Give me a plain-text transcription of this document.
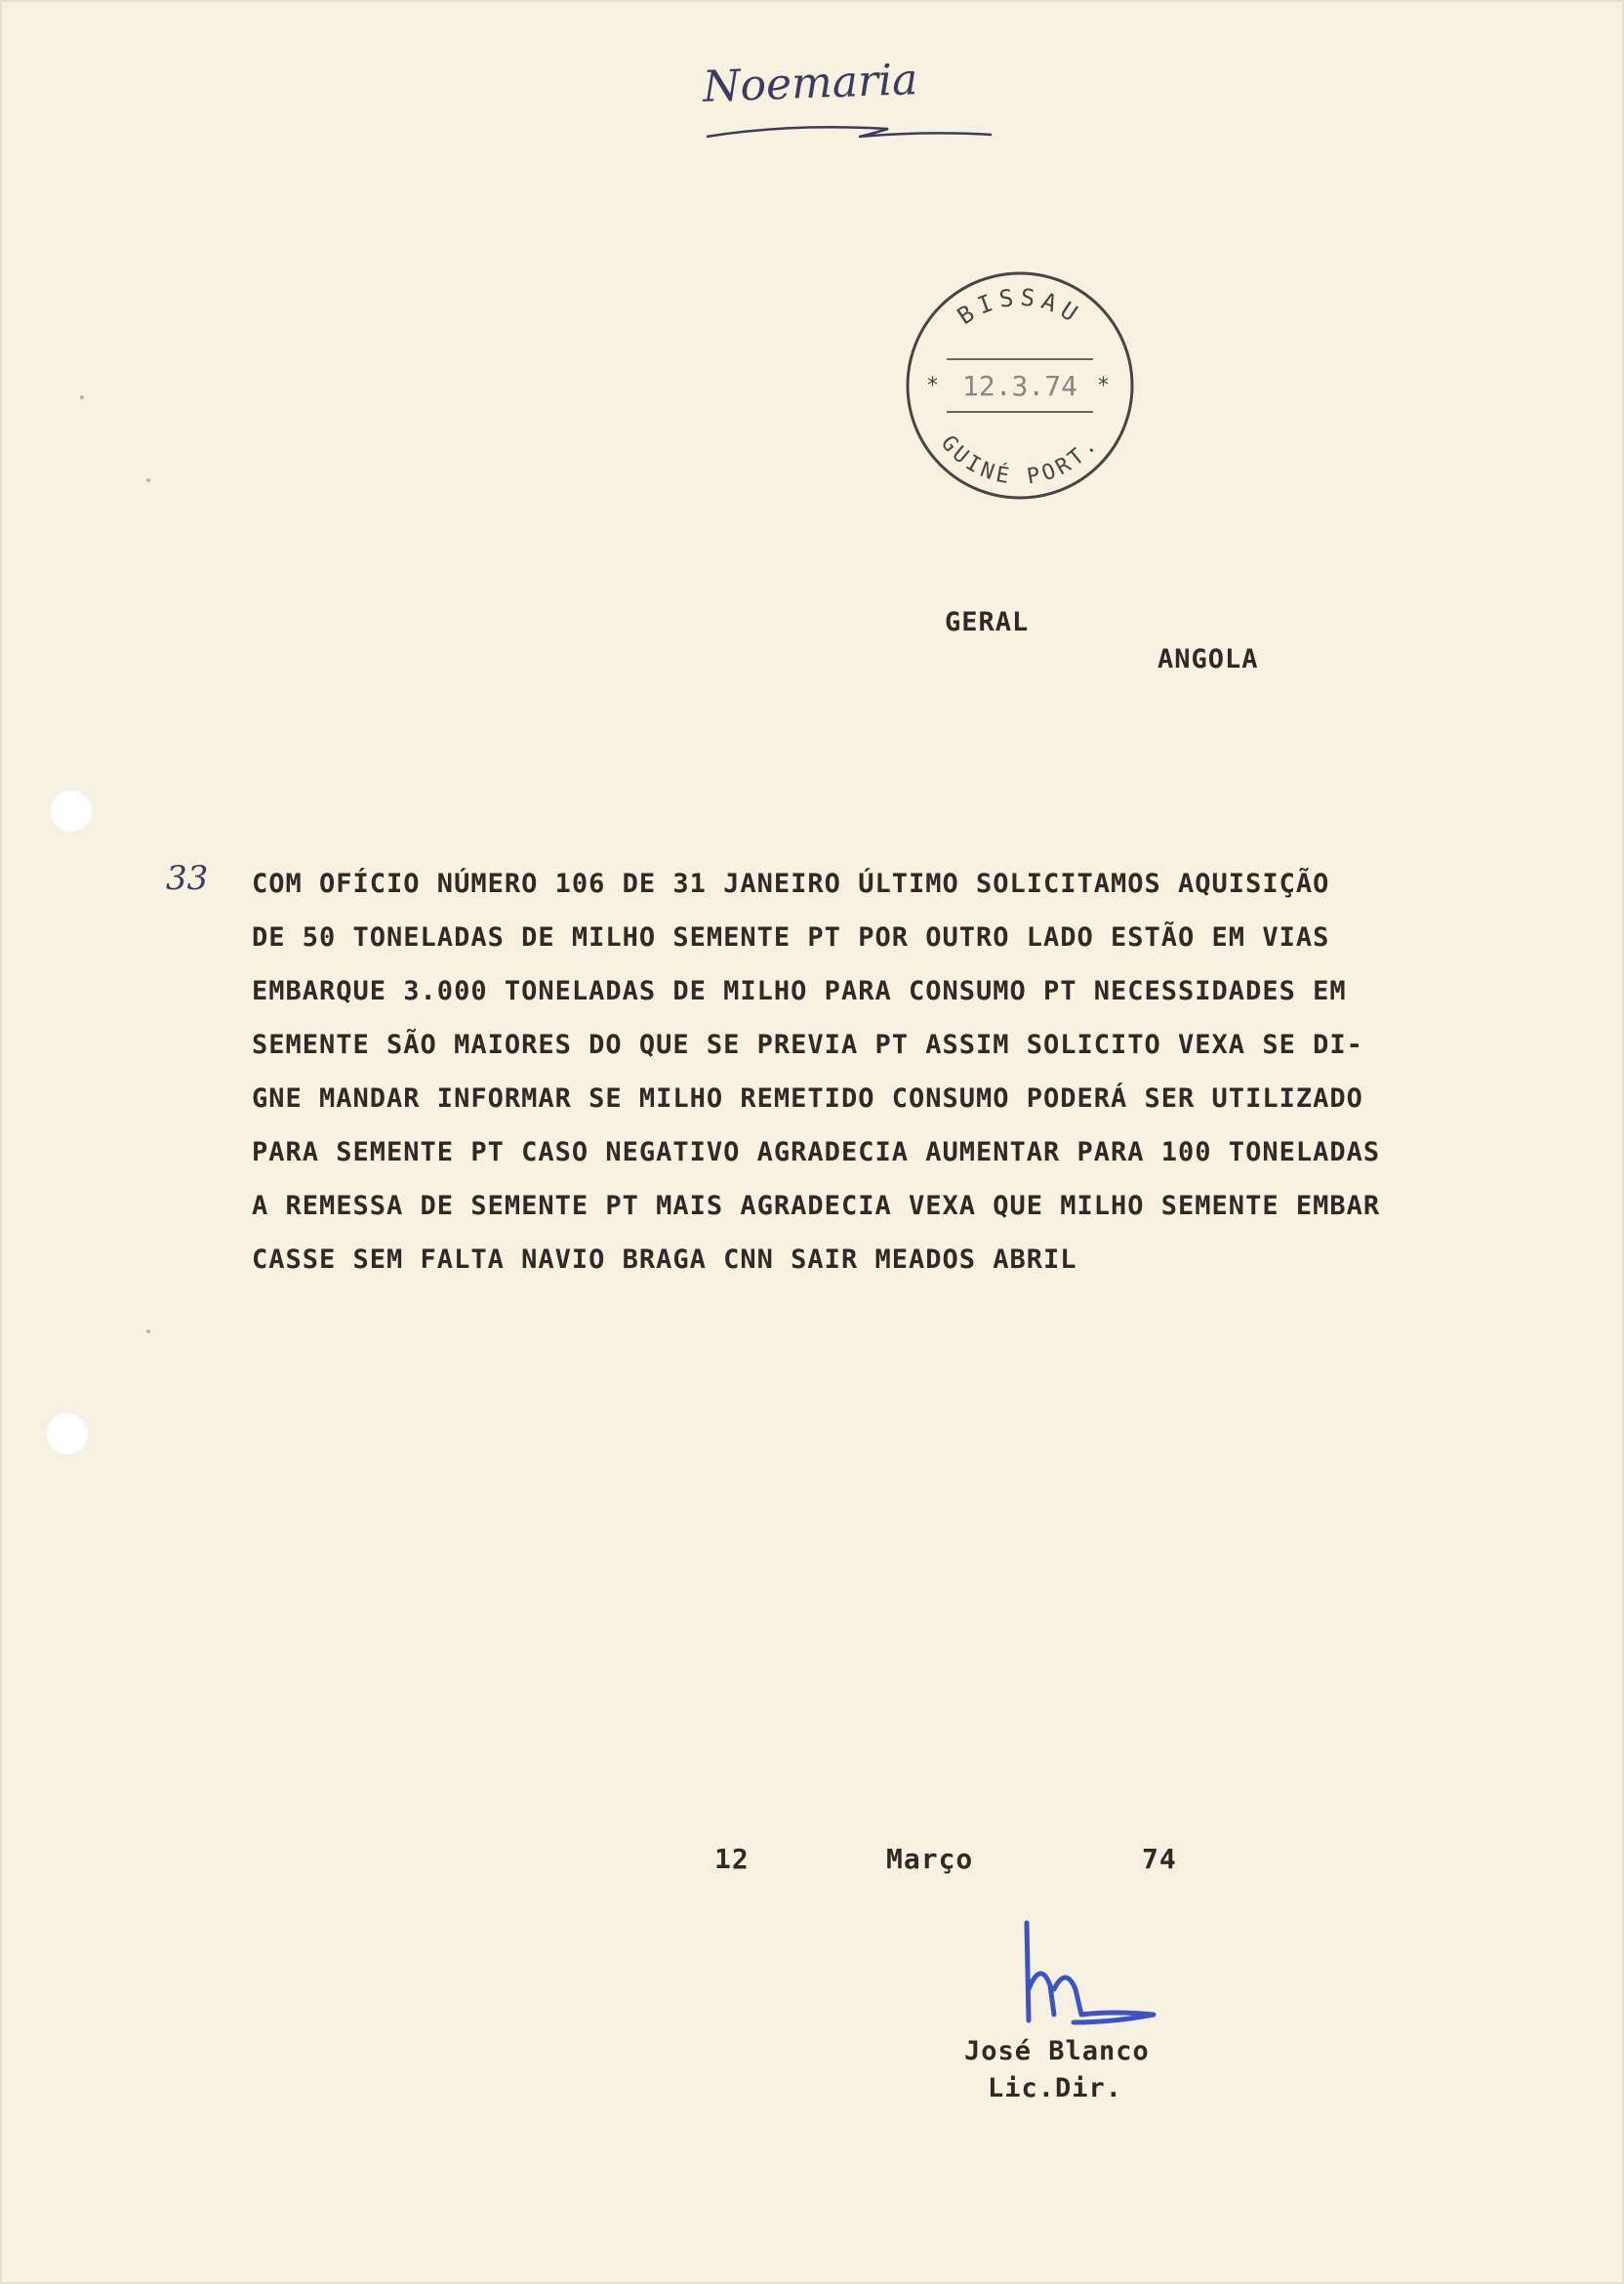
Noemaria
BISSAU
*	*
12.3.74
GUINÉ PORT.
GERAL
ANGOLA
33 COM OFÍCIO NÚMERO 106 DE 31 JANEIRO ÚLTIMO SOLICITAMOS AQUISIÇÃO
DE 50 TONELADAS DE MILHO SEMENTE PT POR OUTRO LADO ESTÃO EM VIAS
EMBARQUE 3.000 TONELADAS DE MILHO PARA CONSUMO PT NECESSIDADES EM
SEMENTE SÃO MAIORES DO QUE SE PREVIA PT ASSIM SOLICITO VEXA SE DI-
GNE MANDAR INFORMAR SE MILHO REMETIDO CONSUMO PODERÁ SER UTILIZADO
PARA SEMENTE PT CASO NEGATIVO AGRADECIA AUMENTAR PARA 100 TONELADAS
A REMESSA DE SEMENTE PT MAIS AGRADECIA VEXA QUE MILHO SEMENTE EMBAR
CASSE SEM FALTA NAVIO BRAGA CNN SAIR MEADOS ABRIL
12	Março	74
José Blanco
Lic.Dir.
